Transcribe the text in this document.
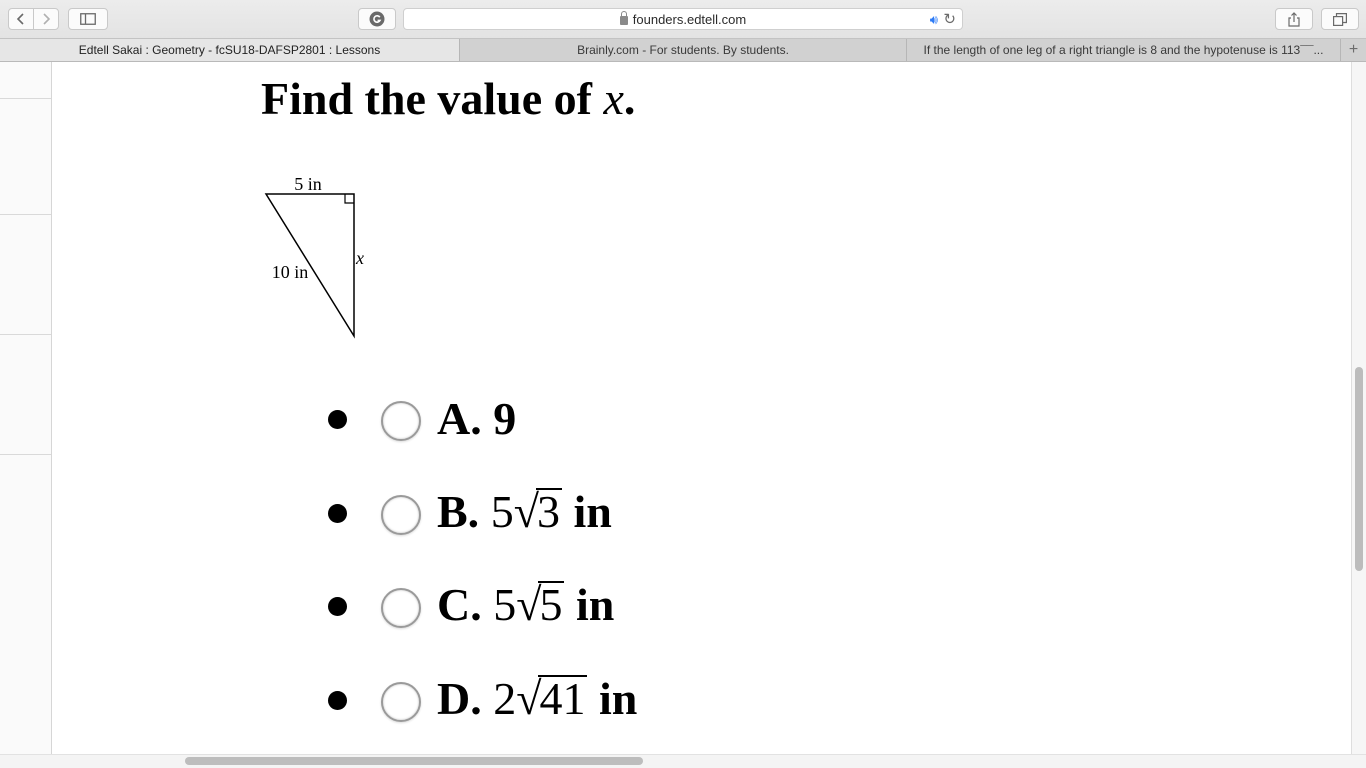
founders.edtell.com	🔊︎ ↻
Edtell Sakai : Geometry - fcSU18-DAFSP2801 : Lessons	Brainly.com - For students. By students.	If the length of one leg of a right triangle is 8 and the hypotenuse is 113¯¯... +
Find the value of x.
5 in
10 in
x
A. 9
B. 5√3 in
C. 5√5 in
D. 2√41 in
